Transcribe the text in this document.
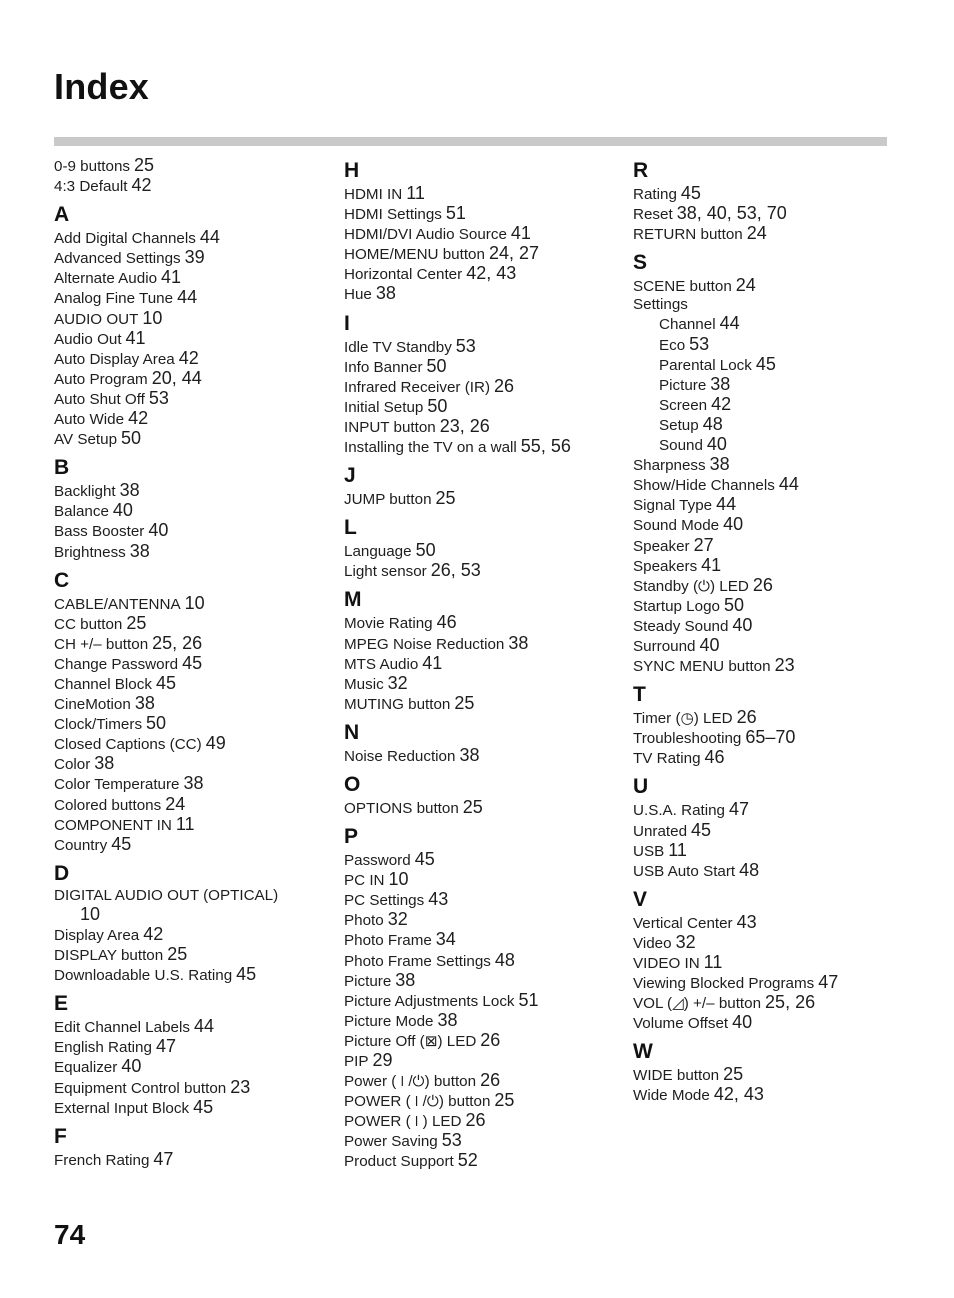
Index
0-9 buttons 25
4:3 Default 42
A
Add Digital Channels 44
Advanced Settings 39
Alternate Audio 41
Analog Fine Tune 44
AUDIO OUT 10
Audio Out 41
Auto Display Area 42
Auto Program 20, 44
Auto Shut Off 53
Auto Wide 42
AV Setup 50
B
Backlight 38
Balance 40
Bass Booster 40
Brightness 38
C
CABLE/ANTENNA 10
CC button 25
CH +/– button 25, 26
Change Password 45
Channel Block 45
CineMotion 38
Clock/Timers 50
Closed Captions (CC) 49
Color 38
Color Temperature 38
Colored buttons 24
COMPONENT IN 11
Country 45
D
DIGITAL AUDIO OUT (OPTICAL)
10
Display Area 42
DISPLAY button 25
Downloadable U.S. Rating 45
E
Edit Channel Labels 44
English Rating 47
Equalizer 40
Equipment Control button 23
External Input Block 45
F
French Rating 47
H
HDMI IN 11
HDMI Settings 51
HDMI/DVI Audio Source 41
HOME/MENU button 24, 27
Horizontal Center 42, 43
Hue 38
I
Idle TV Standby 53
Info Banner 50
Infrared Receiver (IR) 26
Initial Setup 50
INPUT button 23, 26
Installing the TV on a wall 55, 56
J
JUMP button 25
L
Language 50
Light sensor 26, 53
M
Movie Rating 46
MPEG Noise Reduction 38
MTS Audio 41
Music 32
MUTING button 25
N
Noise Reduction 38
O
OPTIONS button 25
P
Password 45
PC IN 10
PC Settings 43
Photo 32
Photo Frame 34
Photo Frame Settings 48
Picture 38
Picture Adjustments Lock 51
Picture Mode 38
Picture Off (⊠) LED 26
PIP 29
Power (⏽/⏻) button 26
POWER (⏽/⏻) button 25
POWER (⏽) LED 26
Power Saving 53
Product Support 52
R
Rating 45
Reset 38, 40, 53, 70
RETURN button 24
S
SCENE button 24
Settings
Channel 44
Eco 53
Parental Lock 45
Picture 38
Screen 42
Setup 48
Sound 40
Sharpness 38
Show/Hide Channels 44
Signal Type 44
Sound Mode 40
Speaker 27
Speakers 41
Standby (⏻) LED 26
Startup Logo 50
Steady Sound 40
Surround 40
SYNC MENU button 23
T
Timer (◷) LED 26
Troubleshooting 65–70
TV Rating 46
U
U.S.A. Rating 47
Unrated 45
USB 11
USB Auto Start 48
V
Vertical Center 43
Video 32
VIDEO IN 11
Viewing Blocked Programs 47
VOL (◿) +/– button 25, 26
Volume Offset 40
W
WIDE button 25
Wide Mode 42, 43
74
